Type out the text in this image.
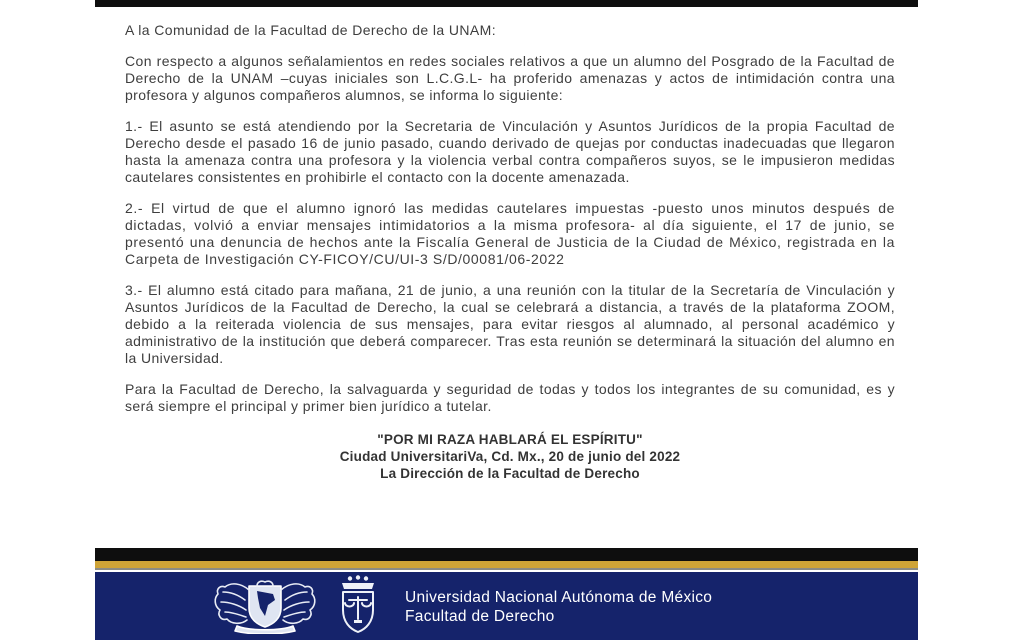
A la Comunidad de la Facultad de Derecho de la UNAM:

Con respecto a algunos señalamientos en redes sociales relativos a que un alumno del Posgrado de la Facultad de Derecho de la UNAM –cuyas iniciales son L.C.G.L- ha proferido amenazas y actos de intimidación contra una profesora y algunos compañeros alumnos, se informa lo siguiente:

1.- El asunto se está atendiendo por la Secretaria de Vinculación y Asuntos Jurídicos de la propia Facultad de Derecho desde el pasado 16 de junio pasado, cuando derivado de quejas por conductas inadecuadas que llegaron hasta la amenaza contra una profesora y la violencia verbal contra compañeros suyos, se le impusieron medidas cautelares consistentes en prohibirle el contacto con la docente amenazada.

2.- El virtud de que el alumno ignoró las medidas cautelares impuestas -puesto unos minutos después de dictadas, volvió a enviar mensajes intimidatorios a la misma profesora- al día siguiente, el 17 de junio, se presentó una denuncia de hechos ante la Fiscalía General de Justicia de la Ciudad de México, registrada en la Carpeta de Investigación CY-FICOY/CU/UI-3 S/D/00081/06-2022

3.- El alumno está citado para mañana, 21 de junio, a una reunión con la titular de la Secretaría de Vinculación y Asuntos Jurídicos de la Facultad de Derecho, la cual se celebrará a distancia, a través de la plataforma ZOOM, debido a la reiterada violencia de sus mensajes, para evitar riesgos al alumnado, al personal académico y administrativo de la institución que deberá comparecer. Tras esta reunión se determinará la situación del alumno en la Universidad.

Para la Facultad de Derecho, la salvaguarda y seguridad de todas y todos los integrantes de su comunidad, es y será siempre el principal y primer bien jurídico a tutelar.

"POR MI RAZA HABLARÁ EL ESPÍRITU"
Ciudad UniversitariVa, Cd. Mx., 20 de junio del 2022
La Dirección de la Facultad de Derecho
Universidad Nacional Autónoma de México
Facultad de Derecho
